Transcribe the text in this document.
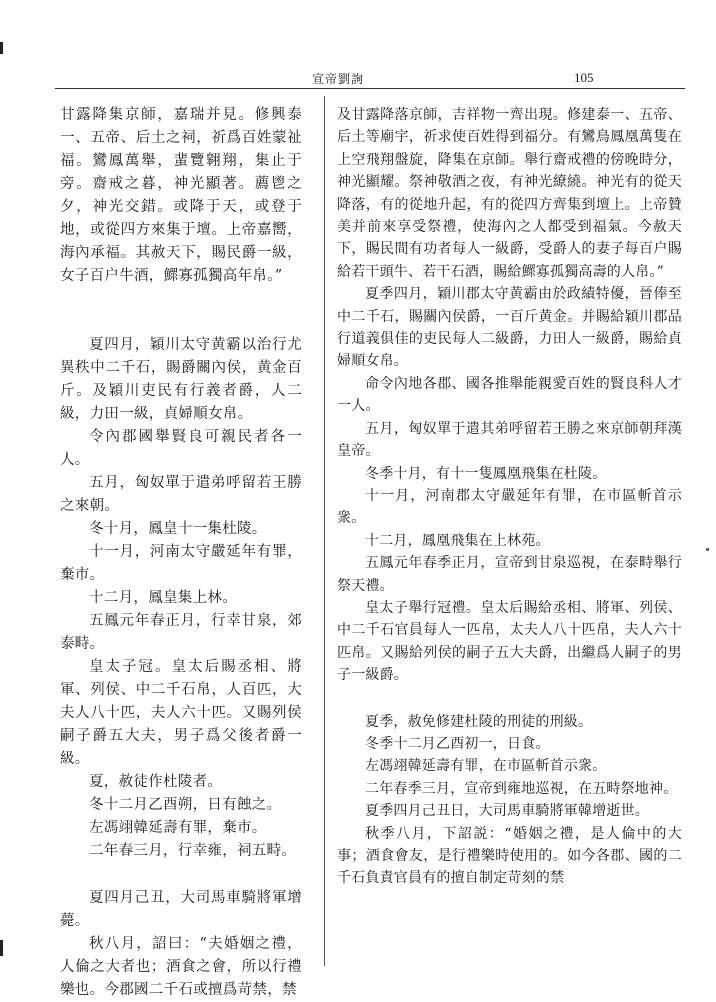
宣帝劉詢	105

甘露降集京師，嘉瑞并見。修興泰一、五帝、后土之祠，祈爲百姓蒙祉福。鸞鳳萬舉，蜚覽翱翔，集止于旁。齋戒之暮，神光顯著。薦鬯之夕，神光交錯。或降于天，或登于地，或從四方來集于壇。上帝嘉嚮，海內承福。其赦天下，賜民爵一級，女子百户牛酒，鰥寡孤獨高年帛。”

夏四月，穎川太守黄霸以治行尤異秩中二千石，賜爵關內侯，黄金百斤。及穎川吏民有行義者爵，人二級，力田一級，貞婦順女帛。

令內郡國舉賢良可親民者各一人。

五月，匈奴單于遣弟呼留若王勝之來朝。

冬十月，鳳皇十一集杜陵。

十一月，河南太守嚴延年有罪，棄市。

十二月，鳳皇集上林。

五鳳元年春正月，行幸甘泉，郊泰畤。

皇太子冠。皇太后賜丞相、將軍、列侯、中二千石帛，人百匹，大夫人八十匹，夫人六十匹。又賜列侯嗣子爵五大夫，男子爲父後者爵一級。

夏，赦徒作杜陵者。

冬十二月乙酉朔，日有蝕之。

左馮翊韓延壽有罪，棄市。

二年春三月，行幸雍，祠五畤。

夏四月己丑，大司馬車騎將軍增薨。

秋八月，詔曰：“夫婚姻之禮，人倫之大者也；酒食之會，所以行禮樂也。今郡國二千石或擅爲苛禁，禁

及甘露降落京師，吉祥物一齊出現。修建泰一、五帝、后土等廟宇，祈求使百姓得到福分。有鸞鳥鳳凰萬隻在上空飛翔盤旋，降集在京師。舉行齋戒禮的傍晚時分，神光顯耀。祭神敬酒之夜，有神光繚繞。神光有的從天降落，有的從地升起，有的從四方齊集到壇上。上帝贊美并前來享受祭禮，使海內之人都受到福氣。今赦天下，賜民間有功者每人一級爵，受爵人的妻子每百户賜給若干頭牛、若干石酒，賜給鰥寡孤獨高壽的人帛。”

夏季四月，穎川郡太守黄霸由於政績特優，晉俸至中二千石，賜關內侯爵，一百斤黄金。并賜給穎川郡品行道義俱佳的吏民每人二級爵，力田人一級爵，賜給貞婦順女帛。

命令內地各郡、國各推舉能親愛百姓的賢良科人才一人。

五月，匈奴單于遣其弟呼留若王勝之來京師朝拜漢皇帝。

冬季十月，有十一隻鳳凰飛集在杜陵。

十一月，河南郡太守嚴延年有罪，在市區斬首示衆。

十二月，鳳凰飛集在上林苑。

五鳳元年春季正月，宣帝到甘泉巡視，在泰畤舉行祭天禮。

皇太子舉行冠禮。皇太后賜給丞相、將軍、列侯、中二千石官員每人一匹帛，太夫人八十匹帛，夫人六十匹帛。又賜給列侯的嗣子五大夫爵，出繼爲人嗣子的男子一級爵。

夏季，赦免修建杜陵的刑徒的刑級。

冬季十二月乙酉初一，日食。

左馮翊韓延壽有罪，在市區斬首示衆。

二年春季三月，宣帝到雍地巡視，在五畤祭地神。

夏季四月己丑日，大司馬車騎將軍韓增逝世。

秋季八月，下詔説：“婚姻之禮，是人倫中的大事；酒食會友，是行禮樂時使用的。如今各郡、國的二千石負責官員有的擅自制定苛刻的禁
